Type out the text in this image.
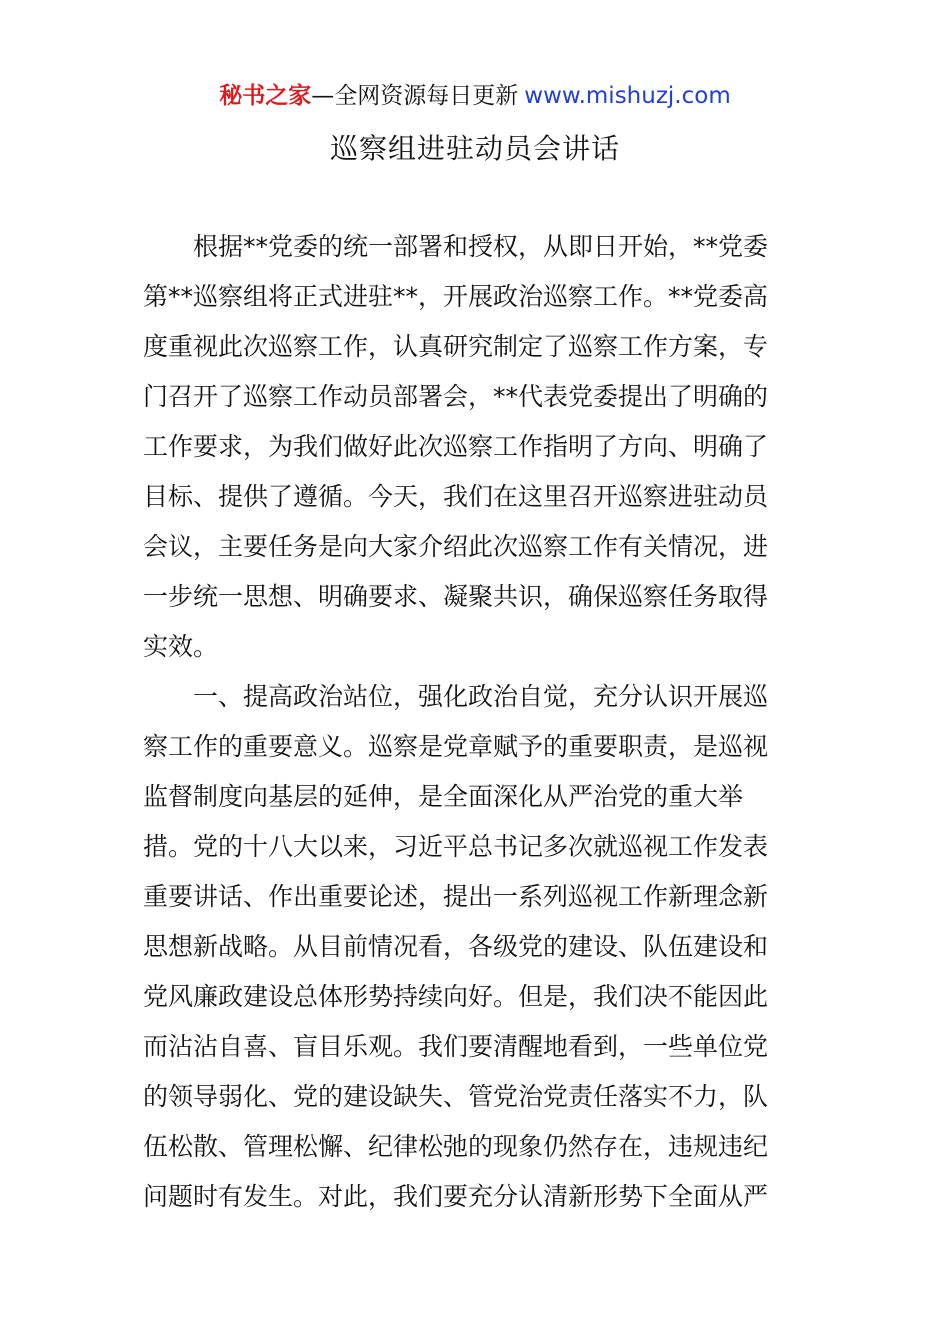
秘书之家—全网资源每日更新 www.mishuzj.com
巡察组进驻动员会讲话
根据**党委的统一部署和授权，从即日开始，**党委
第**巡察组将正式进驻**，开展政治巡察工作。**党委高
度重视此次巡察工作，认真研究制定了巡察工作方案，专
门召开了巡察工作动员部署会，**代表党委提出了明确的
工作要求，为我们做好此次巡察工作指明了方向、明确了
目标、提供了遵循。今天，我们在这里召开巡察进驻动员
会议，主要任务是向大家介绍此次巡察工作有关情况，进
一步统一思想、明确要求、凝聚共识，确保巡察任务取得
实效。
一、提高政治站位，强化政治自觉，充分认识开展巡
察工作的重要意义。巡察是党章赋予的重要职责，是巡视
监督制度向基层的延伸，是全面深化从严治党的重大举
措。党的十八大以来，习近平总书记多次就巡视工作发表
重要讲话、作出重要论述，提出一系列巡视工作新理念新
思想新战略。从目前情况看，各级党的建设、队伍建设和
党风廉政建设总体形势持续向好。但是，我们决不能因此
而沾沾自喜、盲目乐观。我们要清醒地看到，一些单位党
的领导弱化、党的建设缺失、管党治党责任落实不力，队
伍松散、管理松懈、纪律松弛的现象仍然存在，违规违纪
问题时有发生。对此，我们要充分认清新形势下全面从严
